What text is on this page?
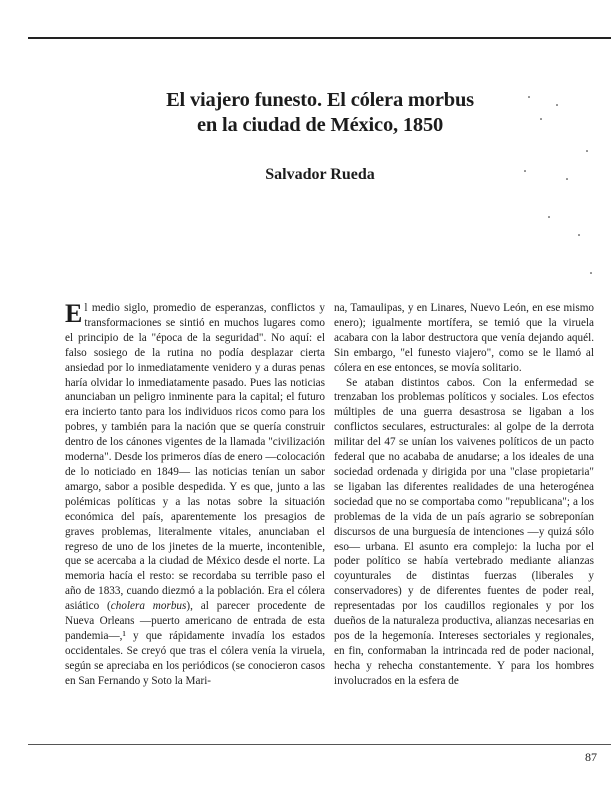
El viajero funesto. El cólera morbus
en la ciudad de México, 1850

Salvador Rueda

El medio siglo, promedio de esperanzas, conflictos y transformaciones se sintió en muchos lugares como el principio de la "época de la seguridad". No aquí: el falso sosiego de la rutina no podía desplazar cierta ansiedad por lo inmediatamente venidero y a duras penas haría olvidar lo inmediatamente pasado. Pues las noticias anunciaban un peligro inminente para la capital; el futuro era incierto tanto para los individuos ricos como para los pobres, y también para la nación que se quería construir dentro de los cánones vigentes de la llamada "civilización moderna". Desde los primeros días de enero —colocación de lo noticiado en 1849— las noticias tenían un sabor amargo, sabor a posible despedida. Y es que, junto a las polémicas políticas y a las notas sobre la situación económica del país, aparentemente los presagios de graves problemas, literalmente vitales, anunciaban el regreso de uno de los jinetes de la muerte, incontenible, que se acercaba a la ciudad de México desde el norte. La memoria hacía el resto: se recordaba su terrible paso el año de 1833, cuando diezmó a la población. Era el cólera asiático (cholera morbus), al parecer procedente de Nueva Orleans —puerto americano de entrada de esta pandemia—,¹ y que rápidamente invadía los estados occidentales. Se creyó que tras el cólera venía la viruela, según se apreciaba en los periódicos (se conocieron casos en San Fernando y Soto la Mari-

na, Tamaulipas, y en Linares, Nuevo León, en ese mismo enero); igualmente mortífera, se temió que la viruela acabara con la labor destructora que venía dejando aquél. Sin embargo, "el funesto viajero", como se le llamó al cólera en ese entonces, se movía solitario.

Se ataban distintos cabos. Con la enfermedad se trenzaban los problemas políticos y sociales. Los efectos múltiples de una guerra desastrosa se ligaban a los conflictos seculares, estructurales: al golpe de la derrota militar del 47 se unían los vaivenes políticos de un pacto federal que no acababa de anudarse; a los ideales de una sociedad ordenada y dirigida por una "clase propietaria" se ligaban las diferentes realidades de una heterogénea sociedad que no se comportaba como "republicana"; a los problemas de la vida de un país agrario se sobreponían discursos de una burguesía de intenciones —y quizá sólo eso— urbana. El asunto era complejo: la lucha por el poder político se había vertebrado mediante alianzas coyunturales de distintas fuerzas (liberales y conservadores) y de diferentes fuentes de poder real, representadas por los caudillos regionales y por los dueños de la naturaleza productiva, alianzas necesarias en pos de la hegemonía. Intereses sectoriales y regionales, en fin, conformaban la intrincada red de poder nacional, hecha y rehecha constantemente. Y para los hombres involucrados en la esfera de

87
